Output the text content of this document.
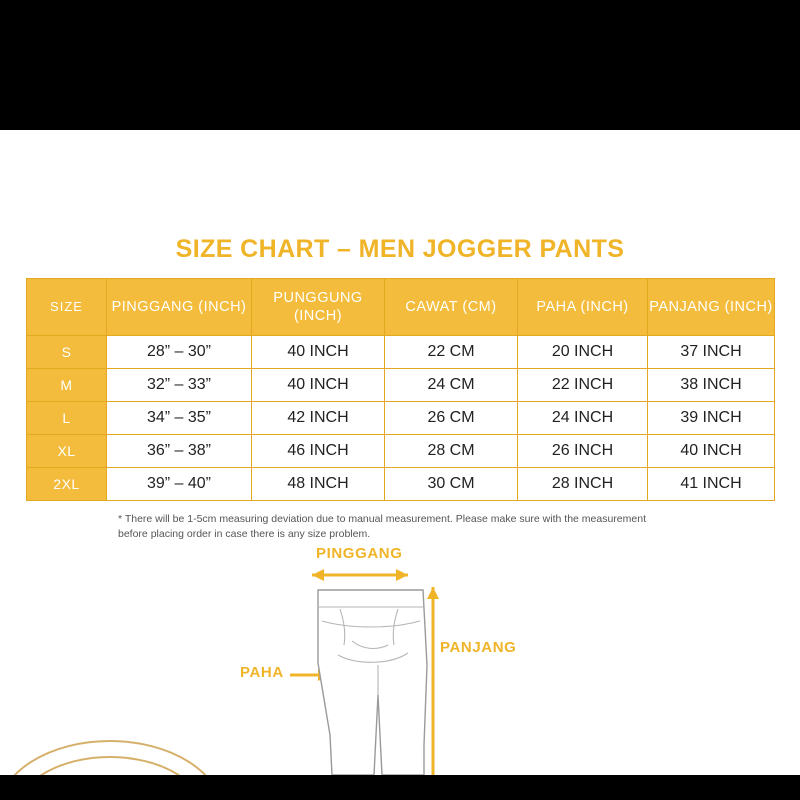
SIZE CHART – MEN JOGGER PANTS
SIZE	PINGGANG (INCH)	PUNGGUNG (INCH)	CAWAT (CM)	PAHA (INCH)	PANJANG (INCH)
S	28” – 30”	40 INCH	22 CM	20 INCH	37 INCH
M	32” – 33”	40 INCH	24 CM	22 INCH	38 INCH
L	34” – 35”	42 INCH	26 CM	24 INCH	39 INCH
XL	36” – 38”	46 INCH	28 CM	26 INCH	40 INCH
2XL	39” – 40”	48 INCH	30 CM	28 INCH	41 INCH
* There will be 1-5cm measuring deviation due to manual measurement. Please make sure with the measurement before placing order in case there is any size problem.
PINGGANG
PANJANG
PAHA
